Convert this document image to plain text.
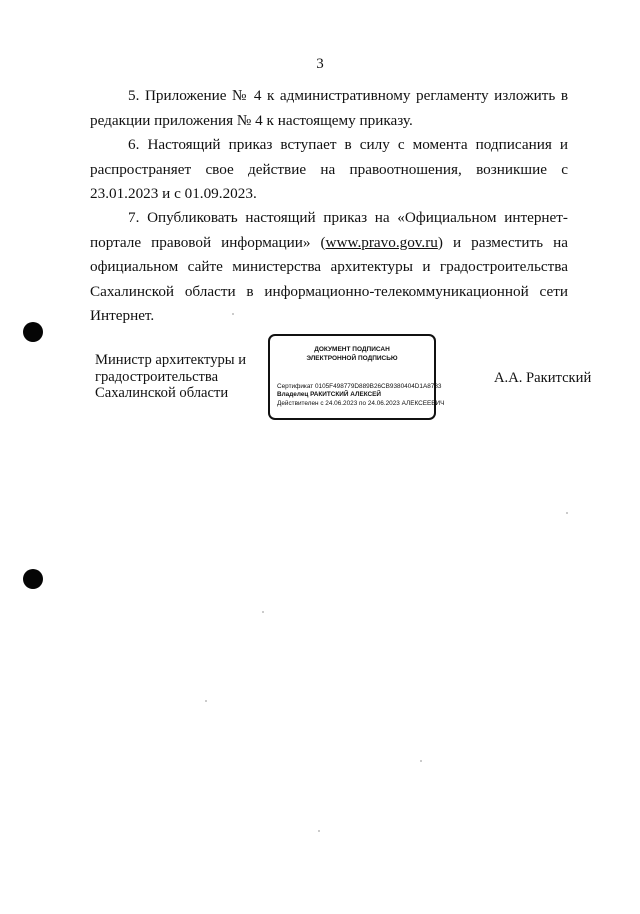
3
5. Приложение № 4 к административному регламенту изложить в редакции приложения № 4 к настоящему приказу.
6. Настоящий приказ вступает в силу с момента подписания и распространяет свое действие на правоотношения, возникшие с 23.01.2023 и с 01.09.2023.
7. Опубликовать настоящий приказ на «Официальном интернет-портале правовой информации» (www.pravo.gov.ru) и разместить на официальном сайте министерства архитектуры и градостроительства Сахалинской области в информационно-телекоммуникационной сети Интернет.
Министр архитектуры и градостроительства Сахалинской области
ДОКУМЕНТ ПОДПИСАН
ЭЛЕКТРОННОЙ ПОДПИСЬЮ
Сертификат 0105F498779D889B26CB9380404D1A8783
Владелец РАКИТСКИЙ АЛЕКСЕЙ
Действителен с 24.06.2023 по 24.06.2023 АЛЕКСЕЕВИЧ
А.А. Ракитский
